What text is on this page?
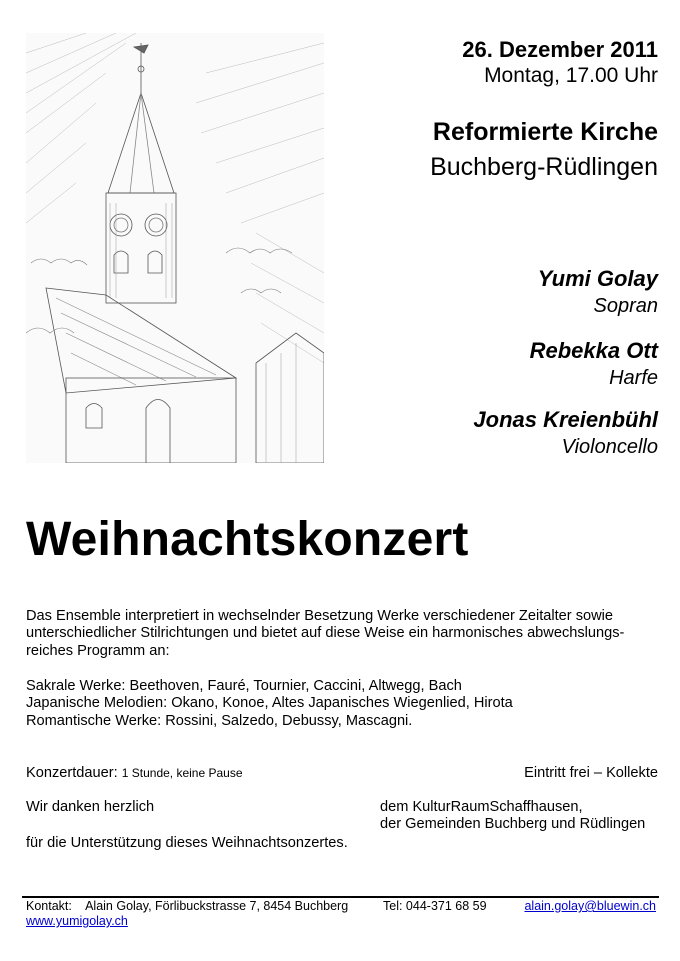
26. Dezember 2011
Montag, 17.00 Uhr
Reformierte Kirche
Buchberg-Rüdlingen
Yumi Golay
Sopran
Rebekka Ott
Harfe
Jonas Kreienbühl
Violoncello
Weihnachtskonzert
Das Ensemble interpretiert in wechselnder Besetzung Werke verschiedener Zeitalter sowie
unterschiedlicher Stilrichtungen und bietet auf diese Weise ein harmonisches abwechslungs-
reiches Programm an:
Sakrale Werke: Beethoven, Fauré, Tournier, Caccini, Altwegg, Bach
Japanische Melodien: Okano, Konoe, Altes Japanisches Wiegenlied, Hirota
Romantische Werke: Rossini, Salzedo, Debussy, Mascagni.
Konzertdauer: 1 Stunde, keine Pause	Eintritt frei – Kollekte
Wir danken herzlich
für die Unterstützung dieses Weihnachtsonzertes.
dem KulturRaumSchaffhausen,
der Gemeinden Buchberg und Rüdlingen
Kontakt: Alain Golay, Förlibuckstrasse 7, 8454 Buchberg	Tel: 044-371 68 59	alain.golay@bluewin.ch
www.yumigolay.ch
